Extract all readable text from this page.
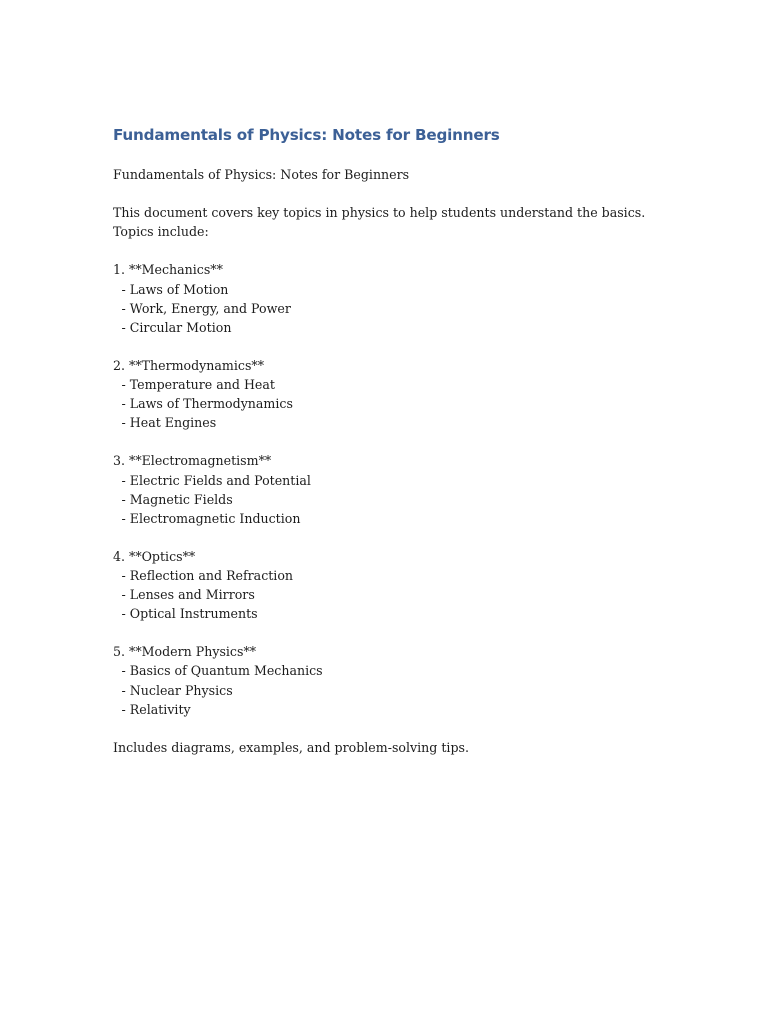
Fundamentals of Physics: Notes for Beginners
Fundamentals of Physics: Notes for Beginners
This document covers key topics in physics to help students understand the basics. Topics include:
1. **Mechanics**
- Laws of Motion
- Work, Energy, and Power
- Circular Motion
2. **Thermodynamics**
- Temperature and Heat
- Laws of Thermodynamics
- Heat Engines
3. **Electromagnetism**
- Electric Fields and Potential
- Magnetic Fields
- Electromagnetic Induction
4. **Optics**
- Reflection and Refraction
- Lenses and Mirrors
- Optical Instruments
5. **Modern Physics**
- Basics of Quantum Mechanics
- Nuclear Physics
- Relativity
Includes diagrams, examples, and problem-solving tips.
